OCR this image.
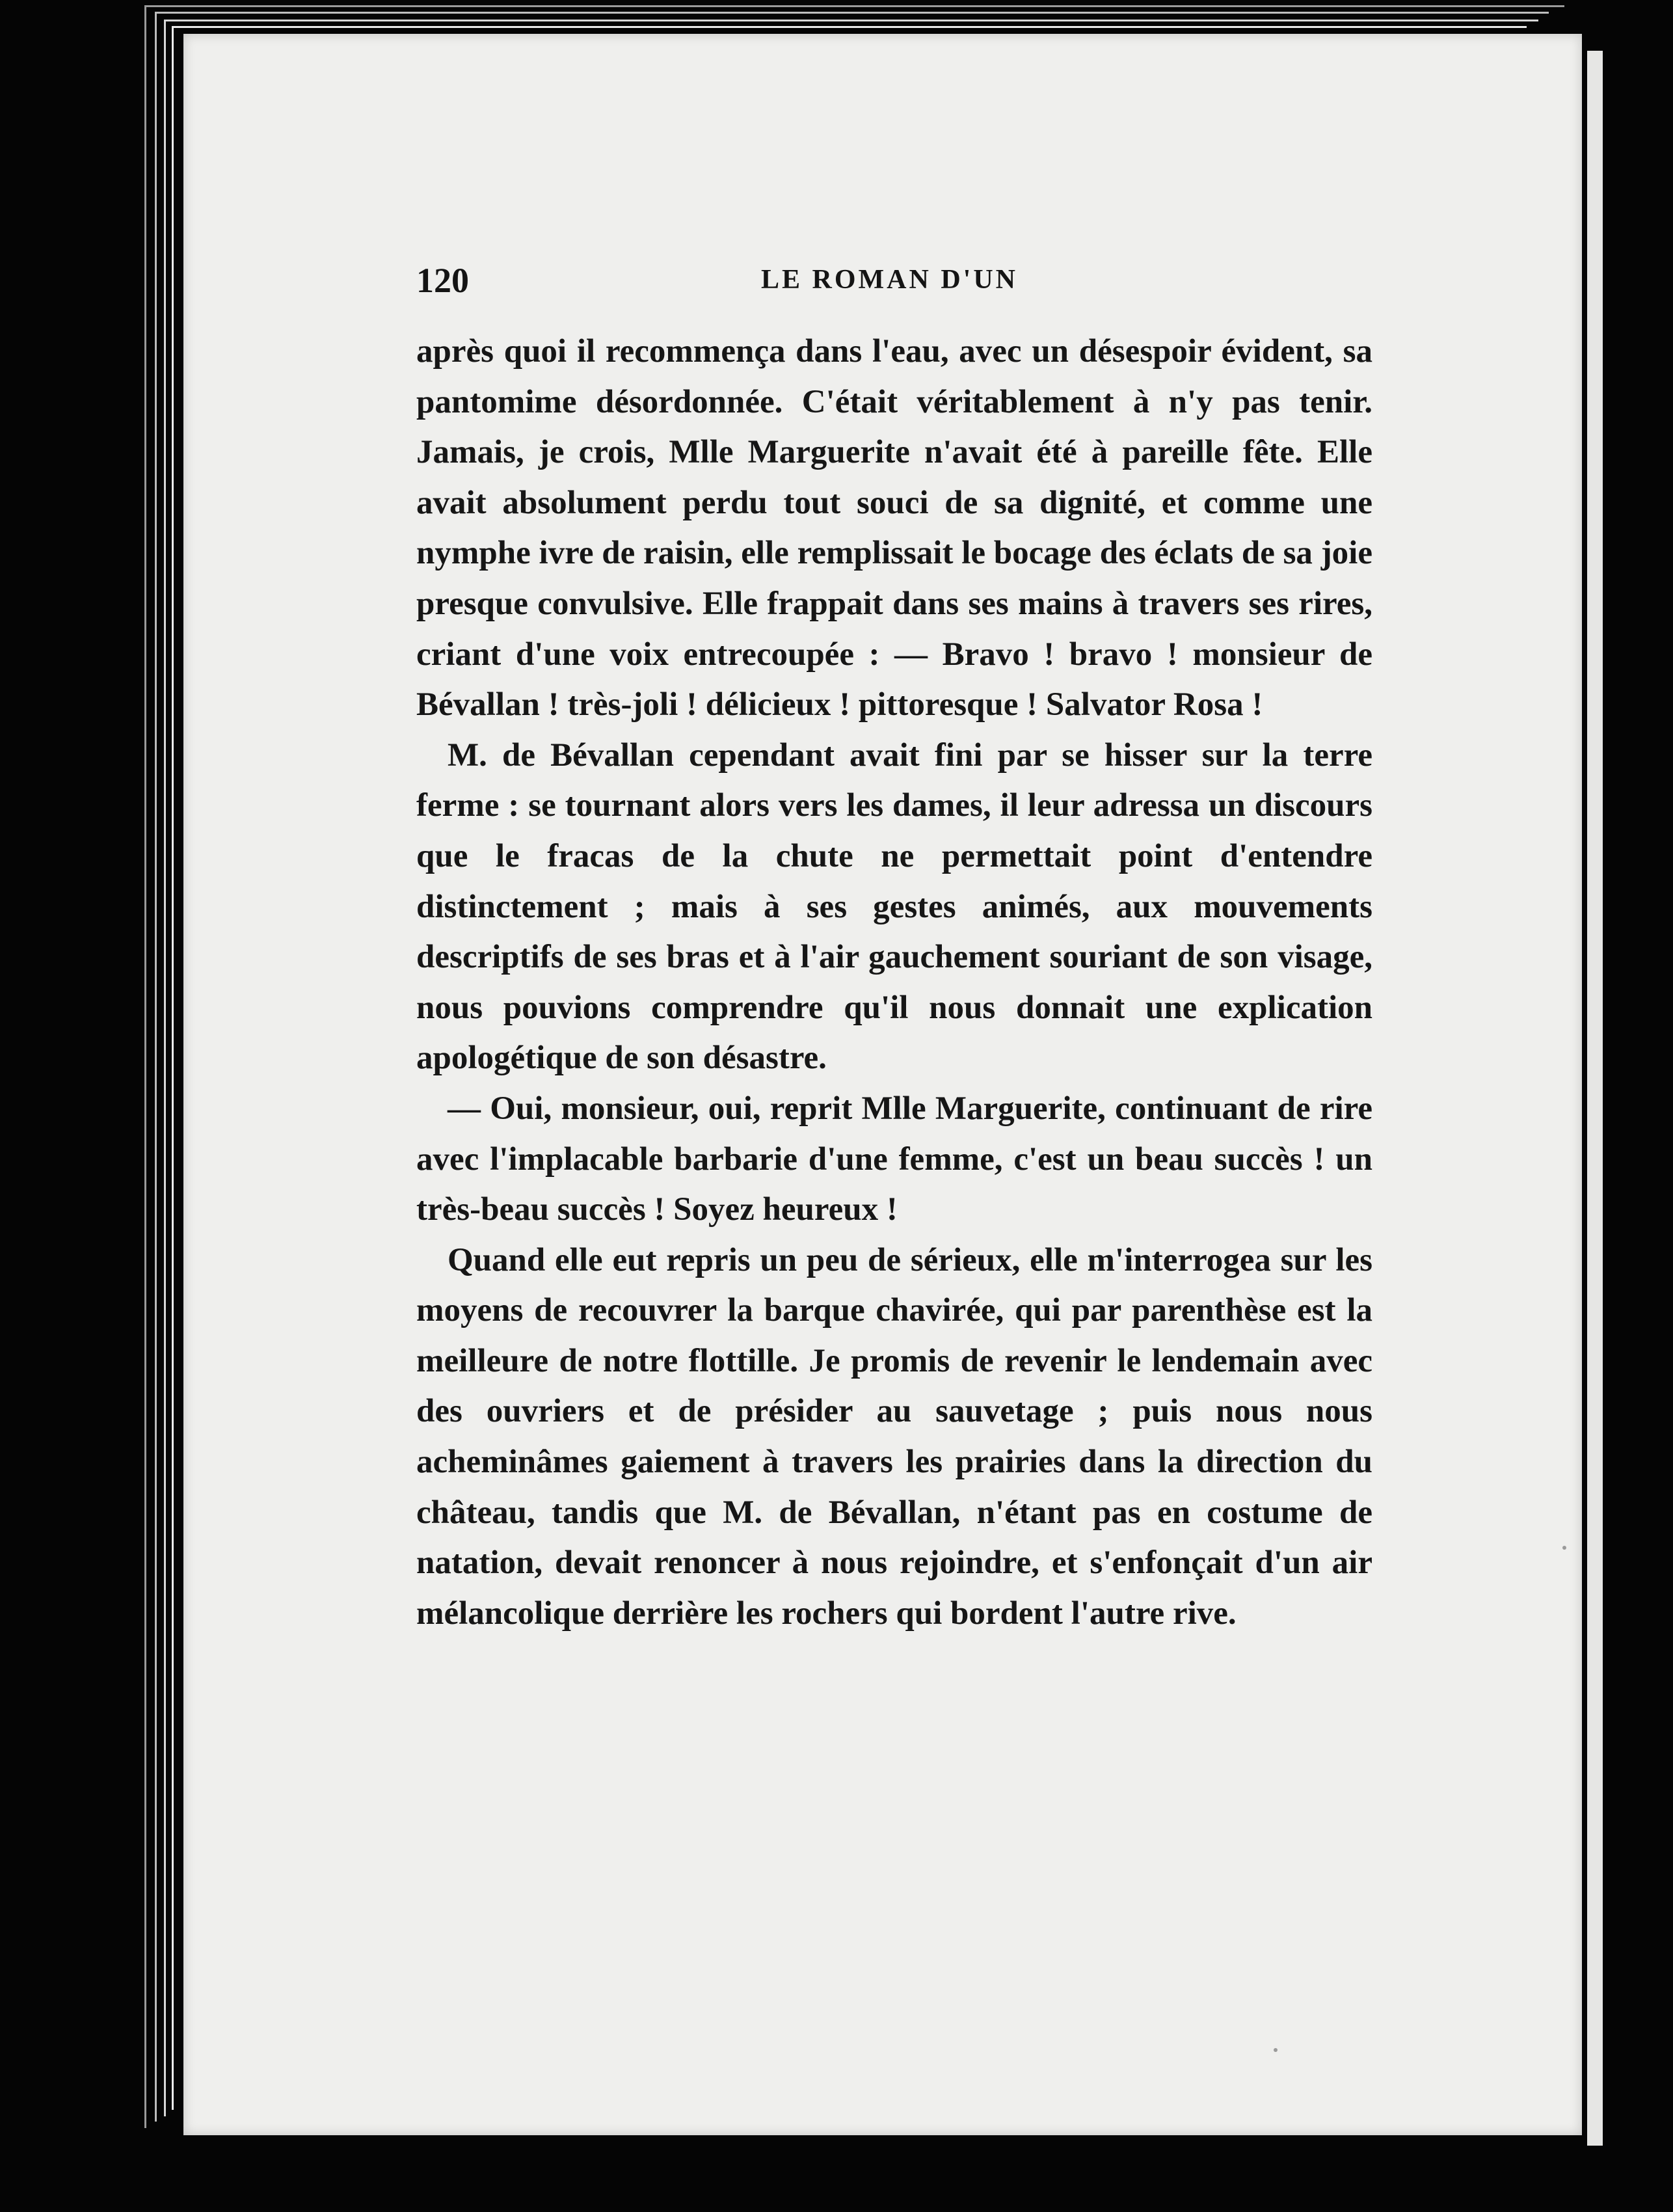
120	LE ROMAN D'UN

après quoi il recommença dans l'eau, avec un désespoir évident, sa pantomime désordonnée. C'était véritablement à n'y pas tenir. Jamais, je crois, Mlle Marguerite n'avait été à pareille fête. Elle avait absolument perdu tout souci de sa dignité, et comme une nymphe ivre de raisin, elle remplissait le bocage des éclats de sa joie presque convulsive. Elle frappait dans ses mains à travers ses rires, criant d'une voix entrecoupée : — Bravo ! bravo ! monsieur de Bévallan ! très-joli ! délicieux ! pittoresque ! Salvator Rosa !

M. de Bévallan cependant avait fini par se hisser sur la terre ferme : se tournant alors vers les dames, il leur adressa un discours que le fracas de la chute ne permettait point d'entendre distinctement ; mais à ses gestes animés, aux mouvements descriptifs de ses bras et à l'air gauchement souriant de son visage, nous pouvions comprendre qu'il nous donnait une explication apologétique de son désastre.

— Oui, monsieur, oui, reprit Mlle Marguerite, continuant de rire avec l'implacable barbarie d'une femme, c'est un beau succès ! un très-beau succès ! Soyez heureux !

Quand elle eut repris un peu de sérieux, elle m'interrogea sur les moyens de recouvrer la barque chavirée, qui par parenthèse est la meilleure de notre flottille. Je promis de revenir le lendemain avec des ouvriers et de présider au sauvetage ; puis nous nous acheminâmes gaiement à travers les prairies dans la direction du château, tandis que M. de Bévallan, n'étant pas en costume de natation, devait renoncer à nous rejoindre, et s'enfonçait d'un air mélancolique derrière les rochers qui bordent l'autre rive.
